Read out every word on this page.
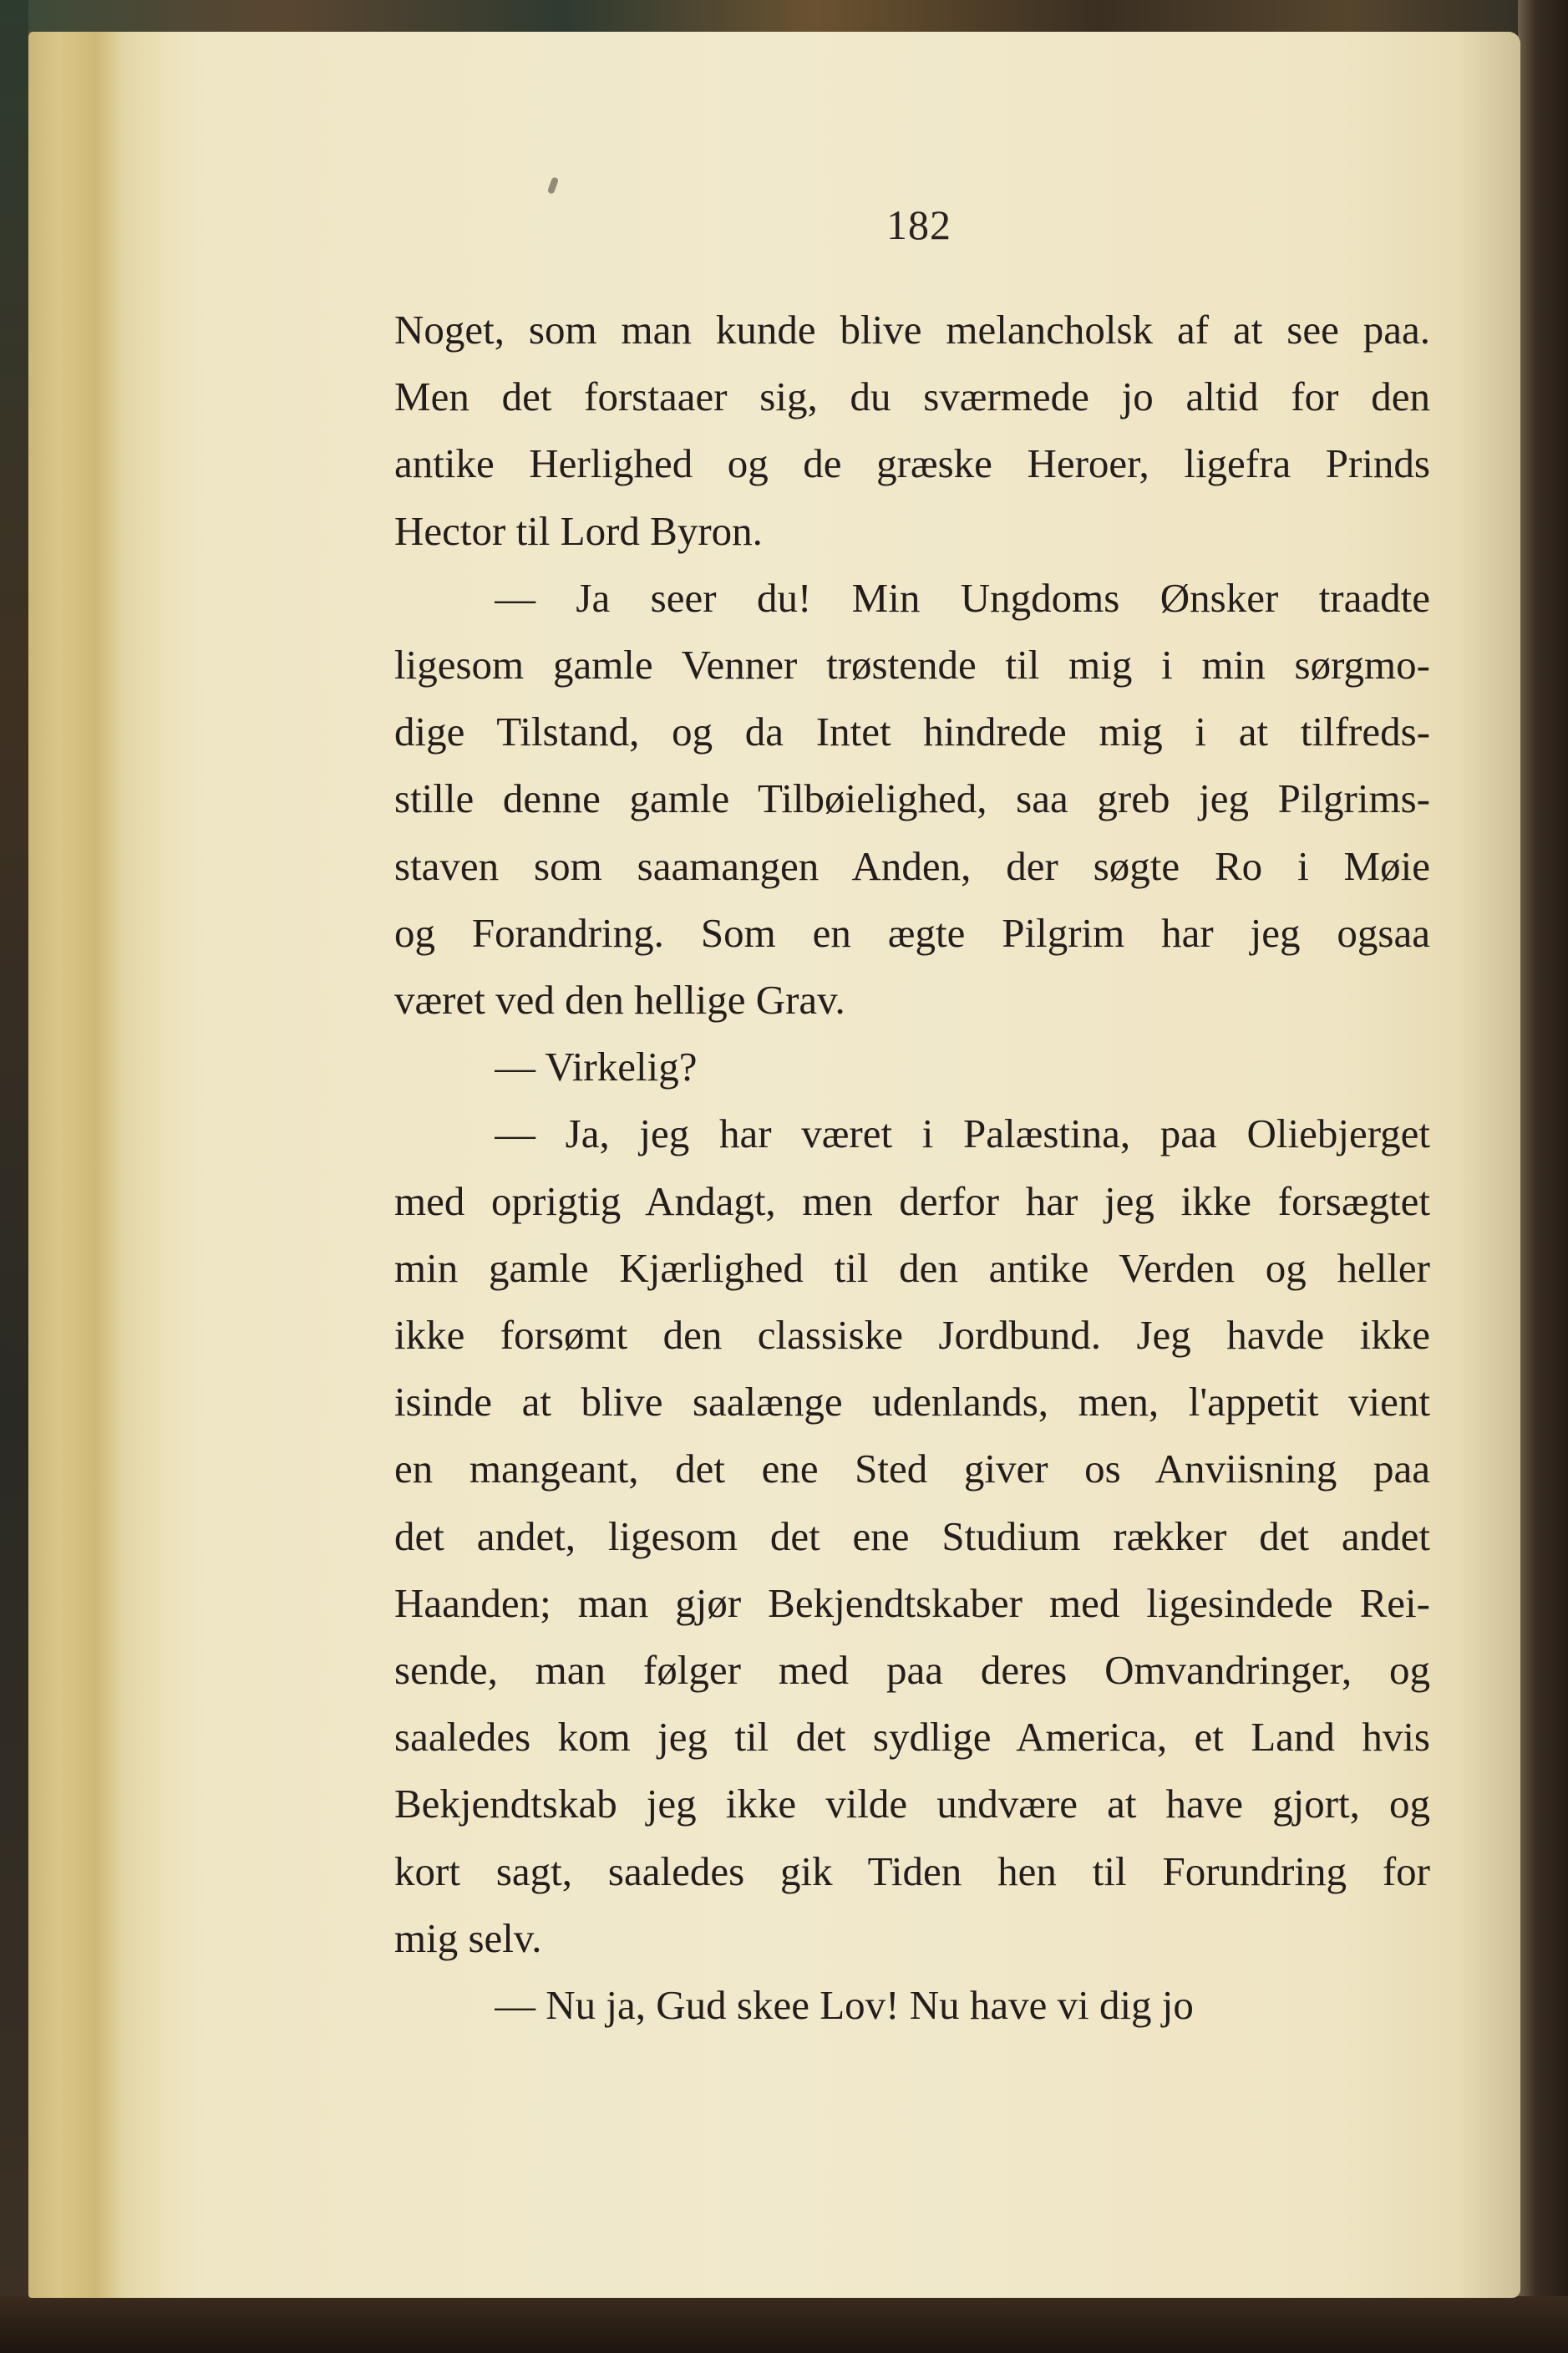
182
Noget, som man kunde blive melancholsk af at see paa.
Men det forstaaer sig, du sværmede jo altid for den
antike Herlighed og de græske Heroer, ligefra Prinds
Hector til Lord Byron.
— Ja seer du! Min Ungdoms Ønsker traadte
ligesom gamle Venner trøstende til mig i min sørgmo-
dige Tilstand, og da Intet hindrede mig i at tilfreds-
stille denne gamle Tilbøielighed, saa greb jeg Pilgrims-
staven som saamangen Anden, der søgte Ro i Møie
og Forandring. Som en ægte Pilgrim har jeg ogsaa
været ved den hellige Grav.
— Virkelig?
— Ja, jeg har været i Palæstina, paa Oliebjerget
med oprigtig Andagt, men derfor har jeg ikke forsægtet
min gamle Kjærlighed til den antike Verden og heller
ikke forsømt den classiske Jordbund. Jeg havde ikke
isinde at blive saalænge udenlands, men, l'appetit vient
en mangeant, det ene Sted giver os Anviisning paa
det andet, ligesom det ene Studium rækker det andet
Haanden; man gjør Bekjendtskaber med ligesindede Rei-
sende, man følger med paa deres Omvandringer, og
saaledes kom jeg til det sydlige America, et Land hvis
Bekjendtskab jeg ikke vilde undvære at have gjort, og
kort sagt, saaledes gik Tiden hen til Forundring for
mig selv.
— Nu ja, Gud skee Lov! Nu have vi dig jo
